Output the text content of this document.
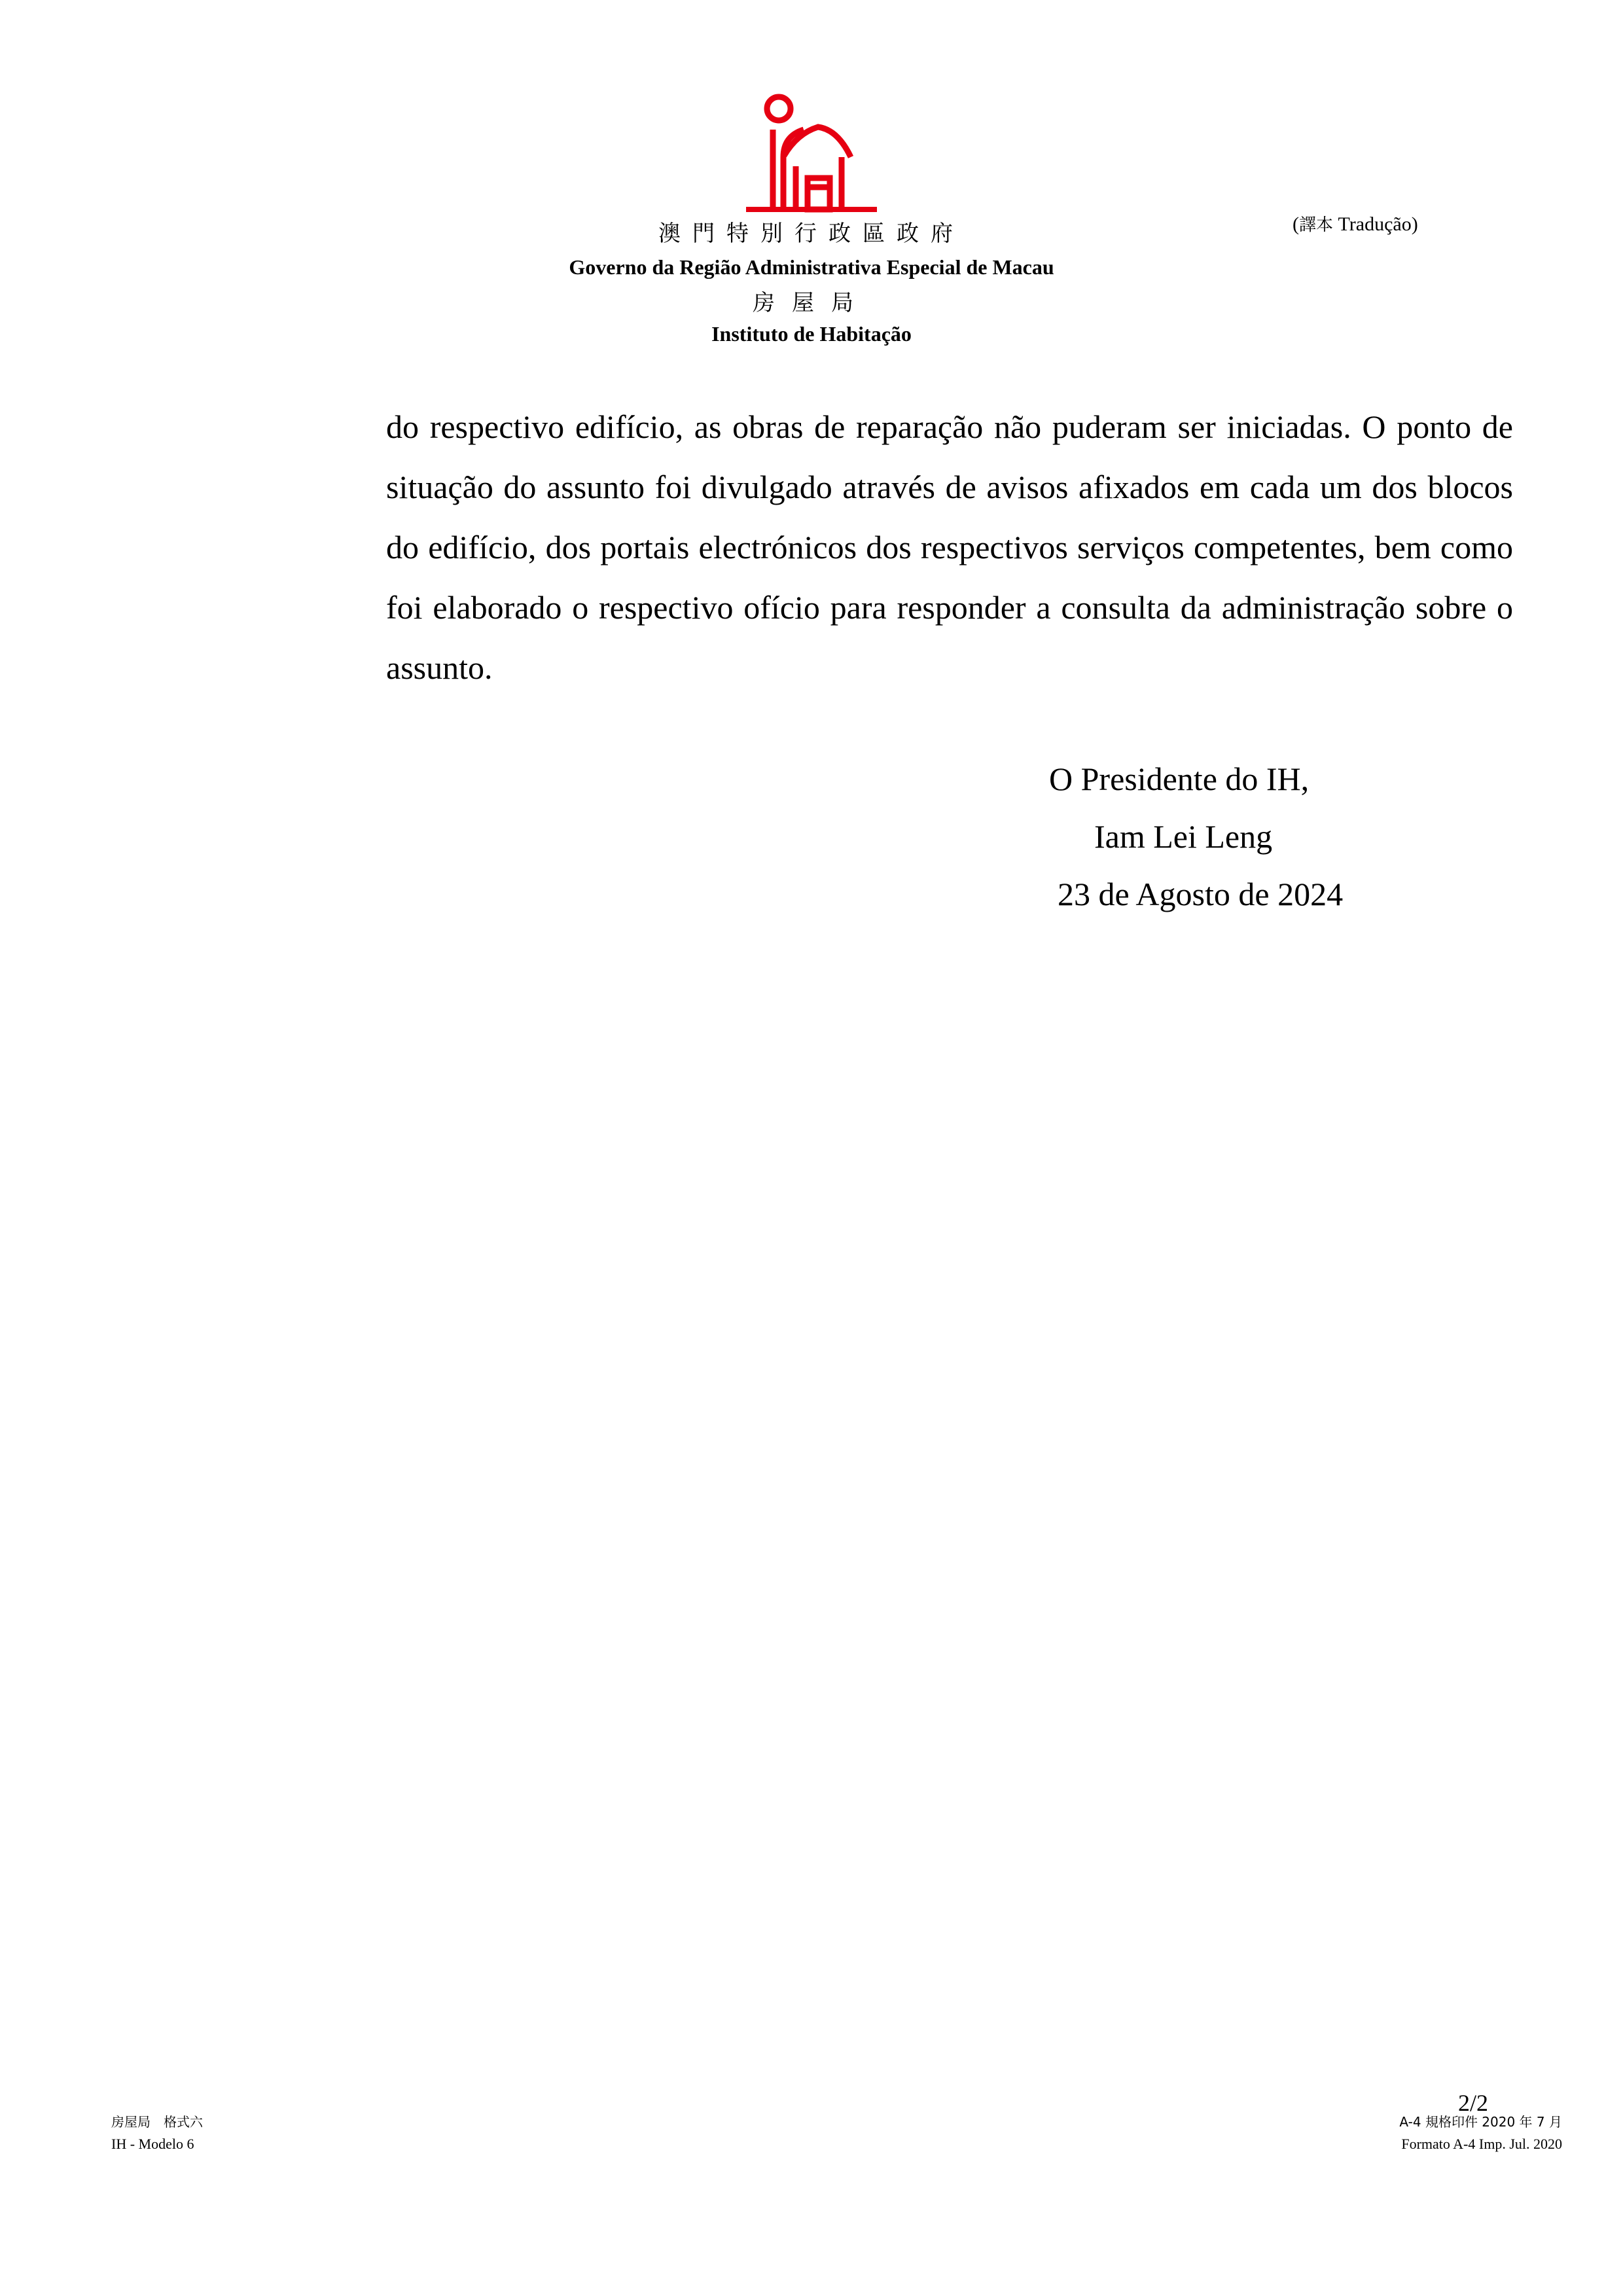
澳門特別行政區政府
Governo da Região Administrativa Especial de Macau
房屋局
Instituto de Habitação
(譯本 Tradução)

do respectivo edifício, as obras de reparação não puderam ser iniciadas. O ponto de situação do assunto foi divulgado através de avisos afixados em cada um dos blocos do edifício, dos portais electrónicos dos respectivos serviços competentes, bem como foi elaborado o respectivo ofício para responder a consulta da administração sobre o assunto.

O Presidente do IH,
Iam Lei Leng
23 de Agosto de 2024
2/2
房屋局　格式六
IH - Modelo 6
A-4 規格印件 2020 年 7 月
Formato A-4 Imp. Jul. 2020
